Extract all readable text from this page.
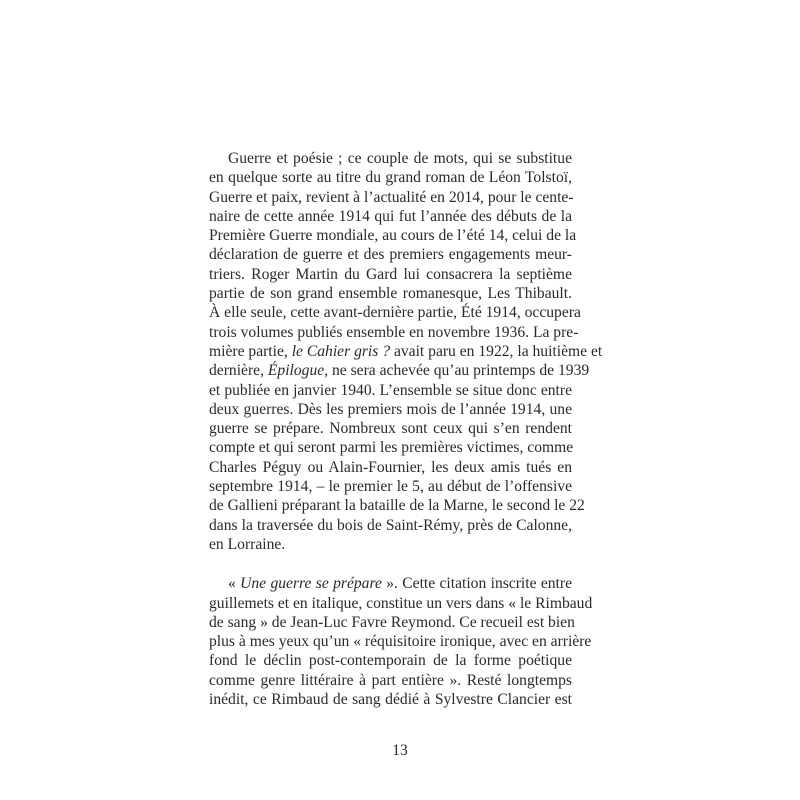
Guerre et poésie ; ce couple de mots, qui se substitue
en quelque sorte au titre du grand roman de Léon Tolstoï,
Guerre et paix, revient à l’actualité en 2014, pour le cente-
naire de cette année 1914 qui fut l’année des débuts de la
Première Guerre mondiale, au cours de l’été 14, celui de la
déclaration de guerre et des premiers engagements meur-
triers. Roger Martin du Gard lui consacrera la septième
partie de son grand ensemble romanesque, Les Thibault.
À elle seule, cette avant-dernière partie, Été 1914, occupera
trois volumes publiés ensemble en novembre 1936. La pre-
mière partie, le Cahier gris ? avait paru en 1922, la huitième et
dernière, Épilogue, ne sera achevée qu’au printemps de 1939
et publiée en janvier 1940. L’ensemble se situe donc entre
deux guerres. Dès les premiers mois de l’année 1914, une
guerre se prépare. Nombreux sont ceux qui s’en rendent
compte et qui seront parmi les premières victimes, comme
Charles Péguy ou Alain-Fournier, les deux amis tués en
septembre 1914, – le premier le 5, au début de l’offensive
de Gallieni préparant la bataille de la Marne, le second le 22
dans la traversée du bois de Saint-Rémy, près de Calonne,
en Lorraine.
« Une guerre se prépare ». Cette citation inscrite entre
guillemets et en italique, constitue un vers dans « le Rimbaud
de sang » de Jean-Luc Favre Reymond. Ce recueil est bien
plus à mes yeux qu’un « réquisitoire ironique, avec en arrière
fond le déclin post-contemporain de la forme poétique
comme genre littéraire à part entière ». Resté longtemps
inédit, ce Rimbaud de sang dédié à Sylvestre Clancier est
13
